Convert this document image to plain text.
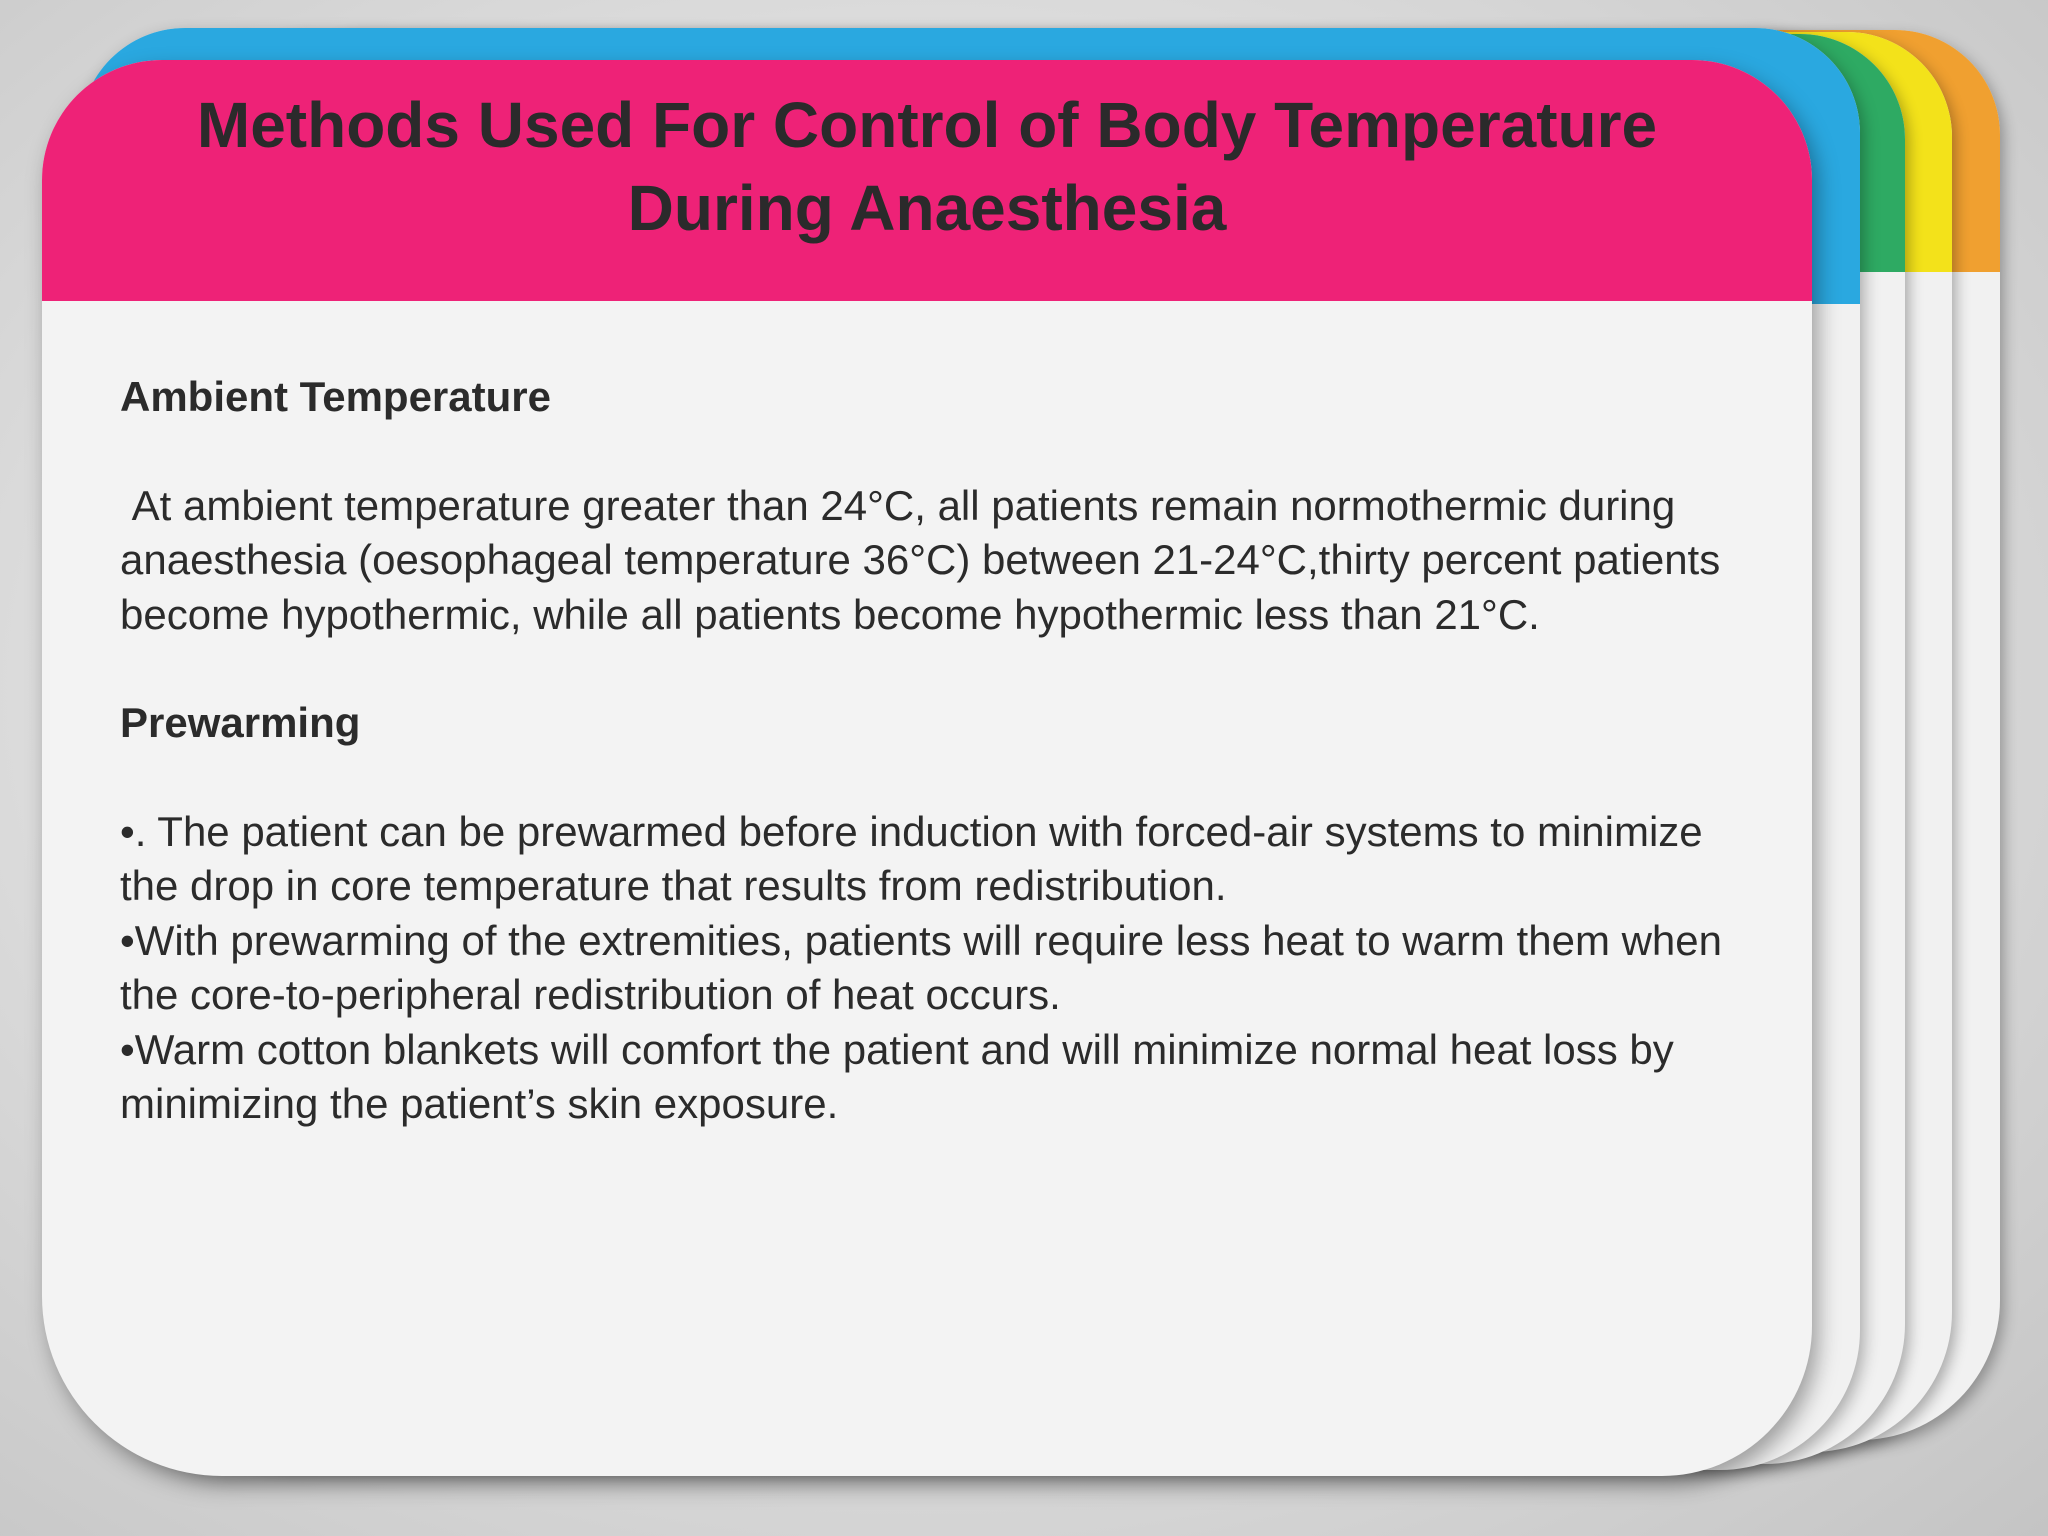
Methods Used For Control of Body Temperature During Anaesthesia
Ambient Temperature

At ambient temperature greater than 24°C, all patients remain normothermic during anaesthesia (oesophageal temperature 36°C) between 21-24°C,thirty percent patients become hypothermic, while all patients become hypothermic less than 21°C.

Prewarming

•. The patient can be prewarmed before induction with forced-air systems to minimize the drop in core temperature that results from redistribution.

•With prewarming of the extremities, patients will require less heat to warm them when the core-to-peripheral redistribution of heat occurs.

•Warm cotton blankets will comfort the patient and will minimize normal heat loss by minimizing the patient’s skin exposure.
